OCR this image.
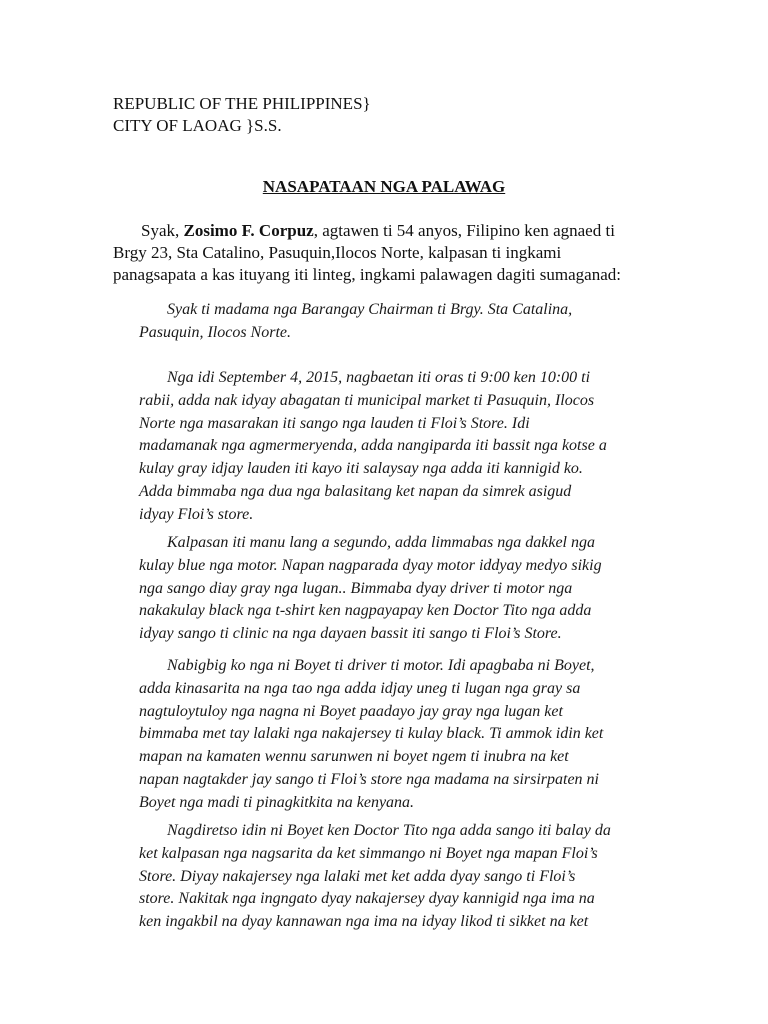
REPUBLIC OF THE PHILIPPINES}
CITY OF LAOAG }S.S.
NASAPATAAN NGA PALAWAG
Syak, Zosimo F. Corpuz, agtawen ti 54 anyos, Filipino ken agnaed ti
Brgy 23, Sta Catalino, Pasuquin,Ilocos Norte, kalpasan ti ingkami
panagsapata a kas ituyang iti linteg, ingkami palawagen dagiti sumaganad:
Syak ti madama nga Barangay Chairman ti Brgy. Sta Catalina,
Pasuquin, Ilocos Norte.
Nga idi September 4, 2015, nagbaetan iti oras ti 9:00 ken 10:00 ti
rabii, adda nak idyay abagatan ti municipal market ti Pasuquin, Ilocos
Norte nga masarakan iti sango nga lauden ti Floi’s Store. Idi
madamanak nga agmermeryenda, adda nangiparda iti bassit nga kotse a
kulay gray idjay lauden iti kayo iti salaysay nga adda iti kannigid ko.
Adda bimmaba nga dua nga balasitang ket napan da simrek asigud
idyay Floi’s store.
Kalpasan iti manu lang a segundo, adda limmabas nga dakkel nga
kulay blue nga motor. Napan nagparada dyay motor iddyay medyo sikig
nga sango diay gray nga lugan.. Bimmaba dyay driver ti motor nga
nakakulay black nga t-shirt ken nagpayapay ken Doctor Tito nga adda
idyay sango ti clinic na nga dayaen bassit iti sango ti Floi’s Store.
Nabigbig ko nga ni Boyet ti driver ti motor. Idi apagbaba ni Boyet,
adda kinasarita na nga tao nga adda idjay uneg ti lugan nga gray sa
nagtuloytuloy nga nagna ni Boyet paadayo jay gray nga lugan ket
bimmaba met tay lalaki nga nakajersey ti kulay black. Ti ammok idin ket
mapan na kamaten wennu sarunwen ni boyet ngem ti inubra na ket
napan nagtakder jay sango ti Floi’s store nga madama na sirsirpaten ni
Boyet nga madi ti pinagkitkita na kenyana.
Nagdiretso idin ni Boyet ken Doctor Tito nga adda sango iti balay da
ket kalpasan nga nagsarita da ket simmango ni Boyet nga mapan Floi’s
Store. Diyay nakajersey nga lalaki met ket adda dyay sango ti Floi’s
store. Nakitak nga ingngato dyay nakajersey dyay kannigid nga ima na
ken ingakbil na dyay kannawan nga ima na idyay likod ti sikket na ket
